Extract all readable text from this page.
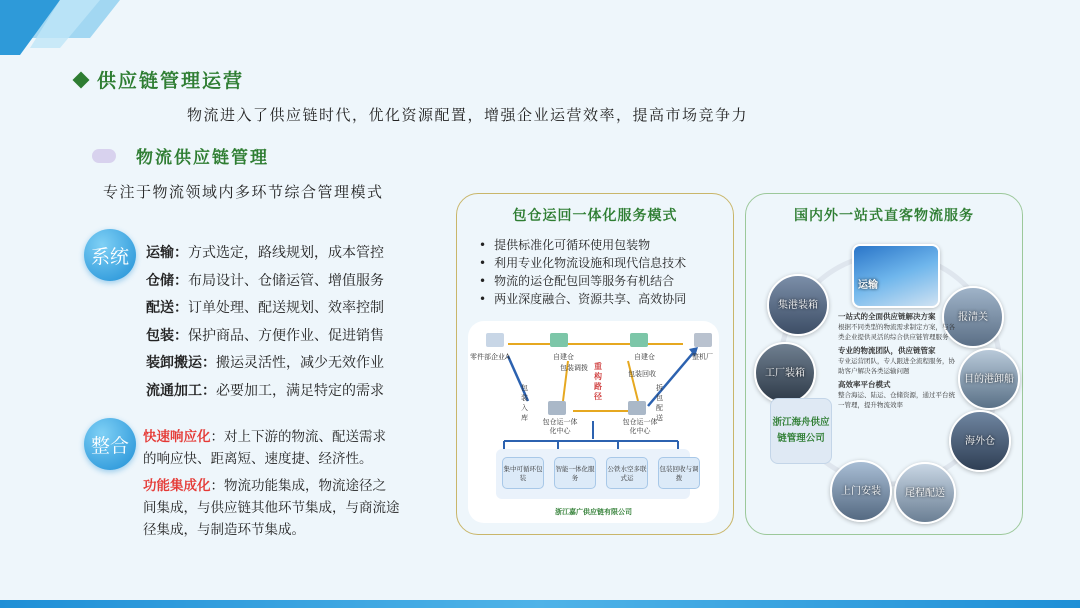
供应链管理运营
物流进入了供应链时代，优化资源配置，增强企业运营效率，提高市场竞争力
物流供应链管理
专注于物流领域内多环节综合管理模式
系统	运输：方式选定，路线规划，成本管控
仓储：布局设计、仓储运管、增值服务
配送：订单处理、配送规划、效率控制
包装：保护商品、方便作业、促进销售
装卸搬运：搬运灵活性，减少无效作业
流通加工：必要加工，满足特定的需求
整合	快速响应化：对上下游的物流、配送需求
的响应快、距离短、速度捷、经济性。
功能集成化：物流功能集成，物流途径之
间集成，与供应链其他环节集成，与商流途
径集成，与制造环节集成。
包仓运回一体化服务模式
• 提供标准化可循环使用包装物
• 利用专业化物流设施和现代信息技术
• 物流的运仓配包回等服务有机结合
• 两业深度融合、资源共享、高效协同
零件部企业A	自建仓	自建仓	整机厂
包装调拨
包装回收
重构路径
包装入库
拆包配送
包仓运一体化中心
包仓运一体化中心
集中可循环包装
智能一体化服务
公铁水空多联式运
包装回收与调拨
浙江嘉广供应链有限公司
国内外一站式直客物流服务
运输
集港装箱
报清关
目的港卸船
海外仓
尾程配送
上门安装
工厂装箱
浙江海舟供应链管理公司
一站式的全面供应链解决方案
根据不同类型的物流需求制定方案，与各类企业提供灵活的综合供应链管理服务
专业的物流团队，供应链管家
专业运营团队，专人跟进全流程服务，协助客户解决各类运输问题
高效率平台模式
整合海运、陆运、仓储资源，通过平台统一管理，提升物流效率
